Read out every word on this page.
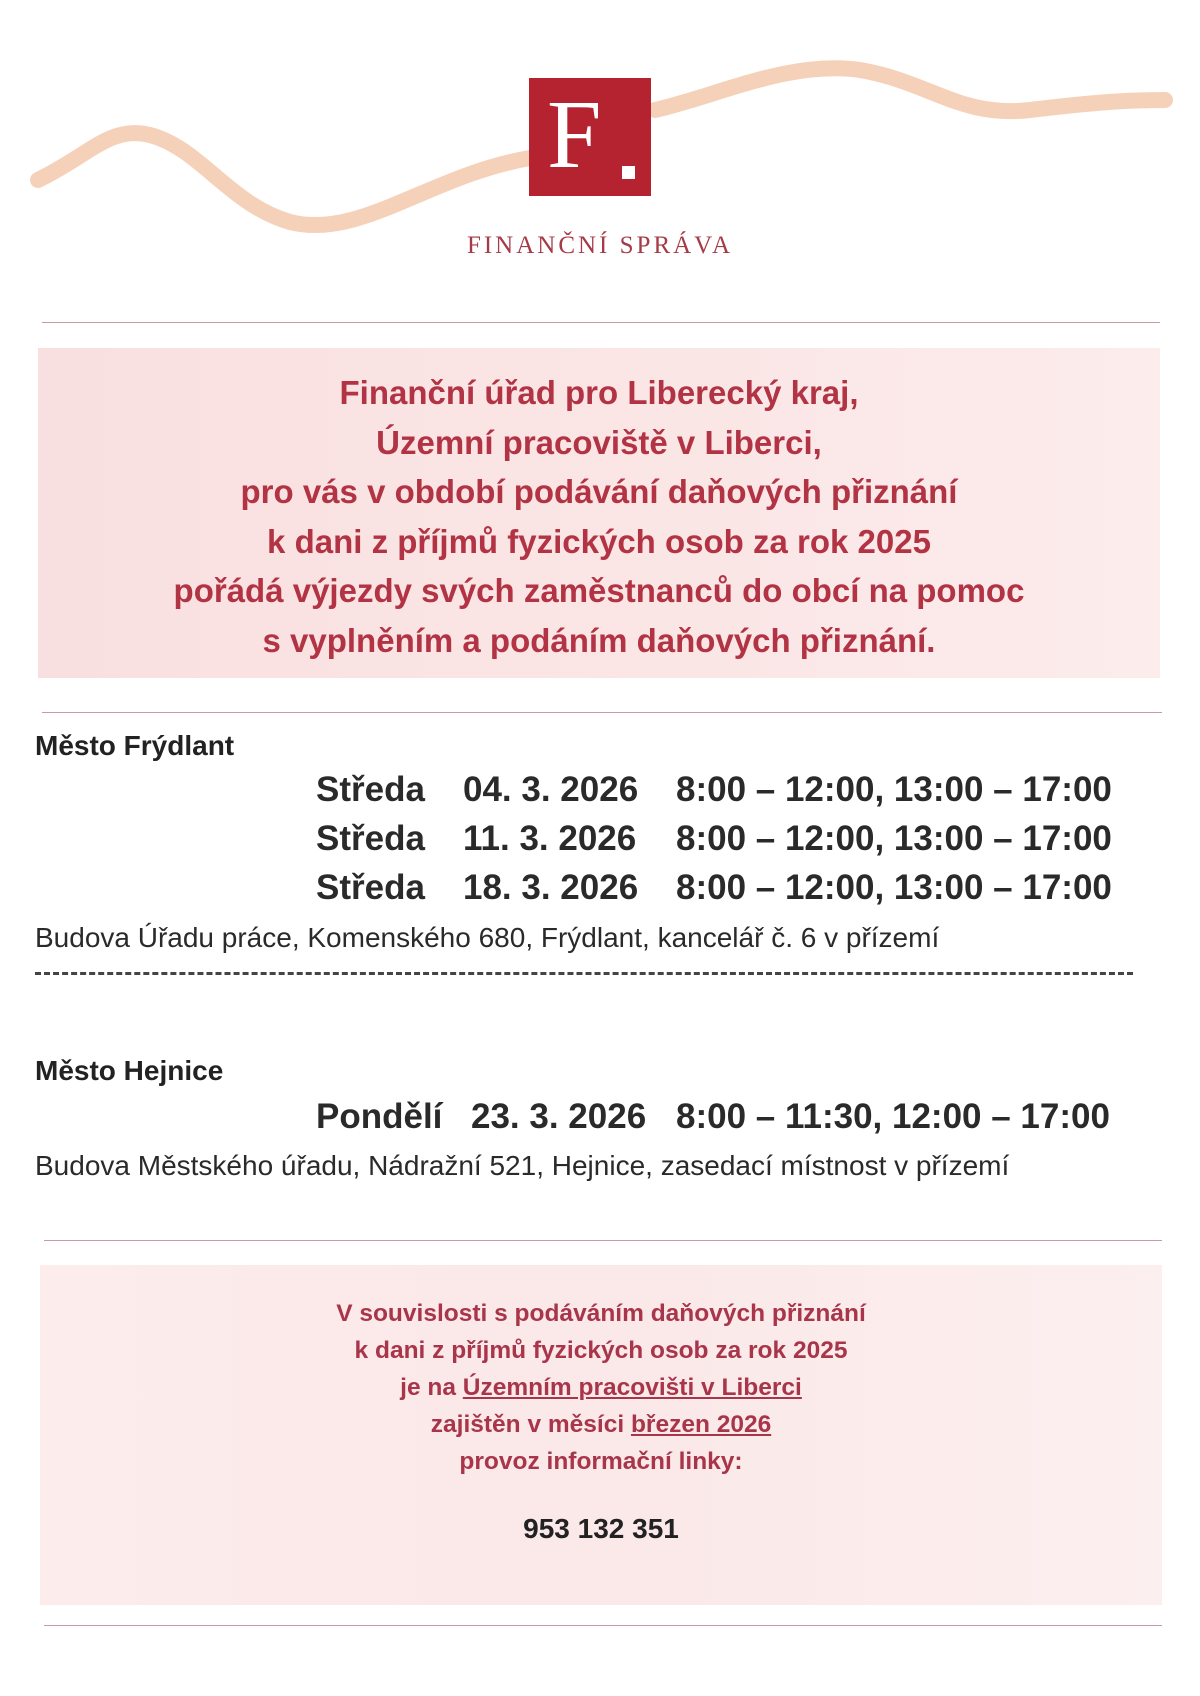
F
FINANČNÍ SPRÁVA
Finanční úřad pro Liberecký kraj,
Územní pracoviště v Liberci,
pro vás v období podávání daňových přiznání
k dani z příjmů fyzických osob za rok 2025
pořádá výjezdy svých zaměstnanců do obcí na pomoc
s vyplněním a podáním daňových přiznání.
Město Frýdlant
Středa 04. 3. 2026 8:00 – 12:00, 13:00 – 17:00
Středa 11. 3. 2026 8:00 – 12:00, 13:00 – 17:00
Středa 18. 3. 2026 8:00 – 12:00, 13:00 – 17:00
Budova Úřadu práce, Komenského 680, Frýdlant, kancelář č. 6 v přízemí
Město Hejnice
Pondělí 23. 3. 2026 8:00 – 11:30, 12:00 – 17:00
Budova Městského úřadu, Nádražní 521, Hejnice, zasedací místnost v přízemí
V souvislosti s podáváním daňových přiznání
k dani z příjmů fyzických osob za rok 2025
je na Územním pracovišti v Liberci
zajištěn v měsíci březen 2026
provoz informační linky:
953 132 351
